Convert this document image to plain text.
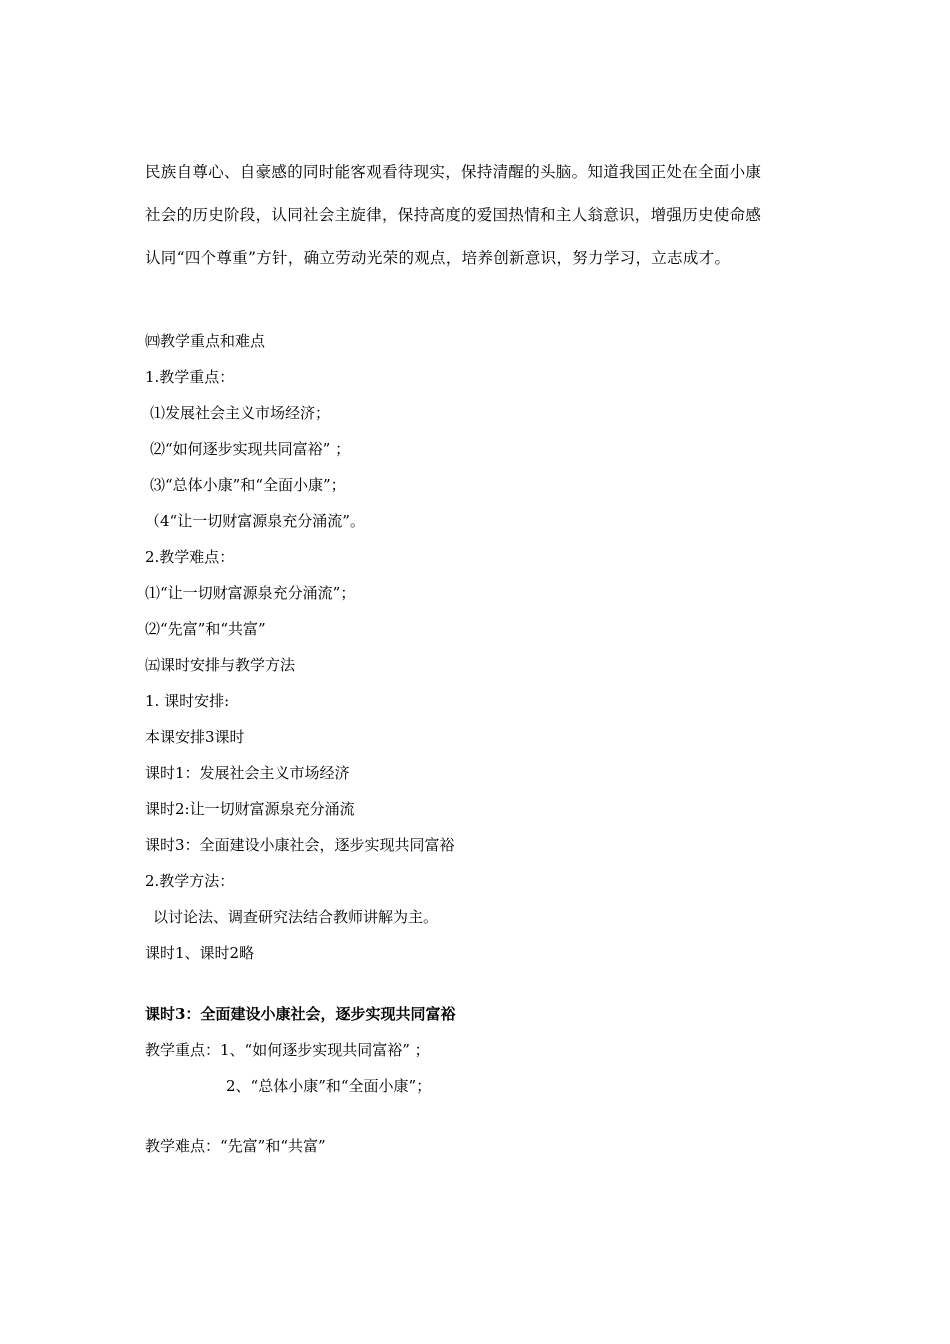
民族自尊心、自豪感的同时能客观看待现实，保持清醒的头脑。知道我国正处在全面小康
社会的历史阶段，认同社会主旋律，保持高度的爱国热情和主人翁意识，增强历史使命感
认同“四个尊重”方针，确立劳动光荣的观点，培养创新意识，努力学习，立志成才。
㈣教学重点和难点
1.教学重点：
⑴发展社会主义市场经济；
⑵“如何逐步实现共同富裕” ；
⑶“总体小康”和“全面小康”；
（4“让一切财富源泉充分涌流”。
2.教学难点：
⑴“让一切财富源泉充分涌流”；
⑵“先富”和“共富”
㈤课时安排与教学方法
1. 课时安排:
本课安排3课时
课时1：发展社会主义市场经济
课时2:让一切财富源泉充分涌流
课时3：全面建设小康社会，逐步实现共同富裕
2.教学方法：
以讨论法、调查研究法结合教师讲解为主。
课时1、课时2略
课时3：全面建设小康社会，逐步实现共同富裕
教学重点：1、“如何逐步实现共同富裕” ；
2、“总体小康”和“全面小康”；
教学难点：“先富”和“共富”
